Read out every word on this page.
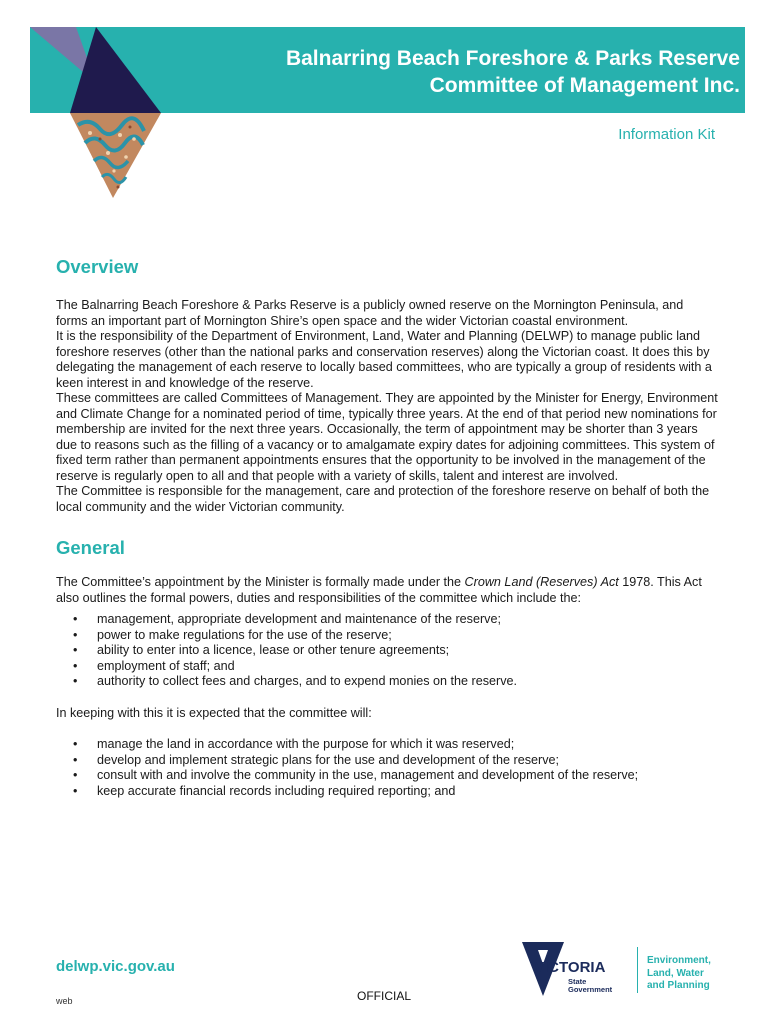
Balnarring Beach Foreshore & Parks Reserve
Committee of Management Inc.
Information Kit
Overview

The Balnarring Beach Foreshore & Parks Reserve is a publicly owned reserve on the Mornington Peninsula, and forms an important part of Mornington Shire’s open space and the wider Victorian coastal environment.

It is the responsibility of the Department of Environment, Land, Water and Planning (DELWP) to manage public land foreshore reserves (other than the national parks and conservation reserves) along the Victorian coast. It does this by delegating the management of each reserve to locally based committees, who are typically a group of residents with a keen interest in and knowledge of the reserve.

These committees are called Committees of Management. They are appointed by the Minister for Energy, Environment and Climate Change for a nominated period of time, typically three years. At the end of that period new nominations for membership are invited for the next three years. Occasionally, the term of appointment may be shorter than 3 years due to reasons such as the filling of a vacancy or to amalgamate expiry dates for adjoining committees. This system of fixed term rather than permanent appointments ensures that the opportunity to be involved in the management of the reserve is regularly open to all and that people with a variety of skills, talent and interest are involved.

The Committee is responsible for the management, care and protection of the foreshore reserve on behalf of both the local community and the wider Victorian community.

General

The Committee’s appointment by the Minister is formally made under the Crown Land (Reserves) Act 1978. This Act also outlines the formal powers, duties and responsibilities of the committee which include the:

• management, appropriate development and maintenance of the reserve;
• power to make regulations for the use of the reserve;
• ability to enter into a licence, lease or other tenure agreements;
• employment of staff; and
• authority to collect fees and charges, and to expend monies on the reserve.

In keeping with this it is expected that the committee will:

• manage the land in accordance with the purpose for which it was reserved;
• develop and implement strategic plans for the use and development of the reserve;
• consult with and involve the community in the use, management and development of the reserve;
• keep accurate financial records including required reporting; and
delwp.vic.gov.au
web	OFFICIAL
VICTORIA
State
Government
Environment,
Land, Water
and Planning
